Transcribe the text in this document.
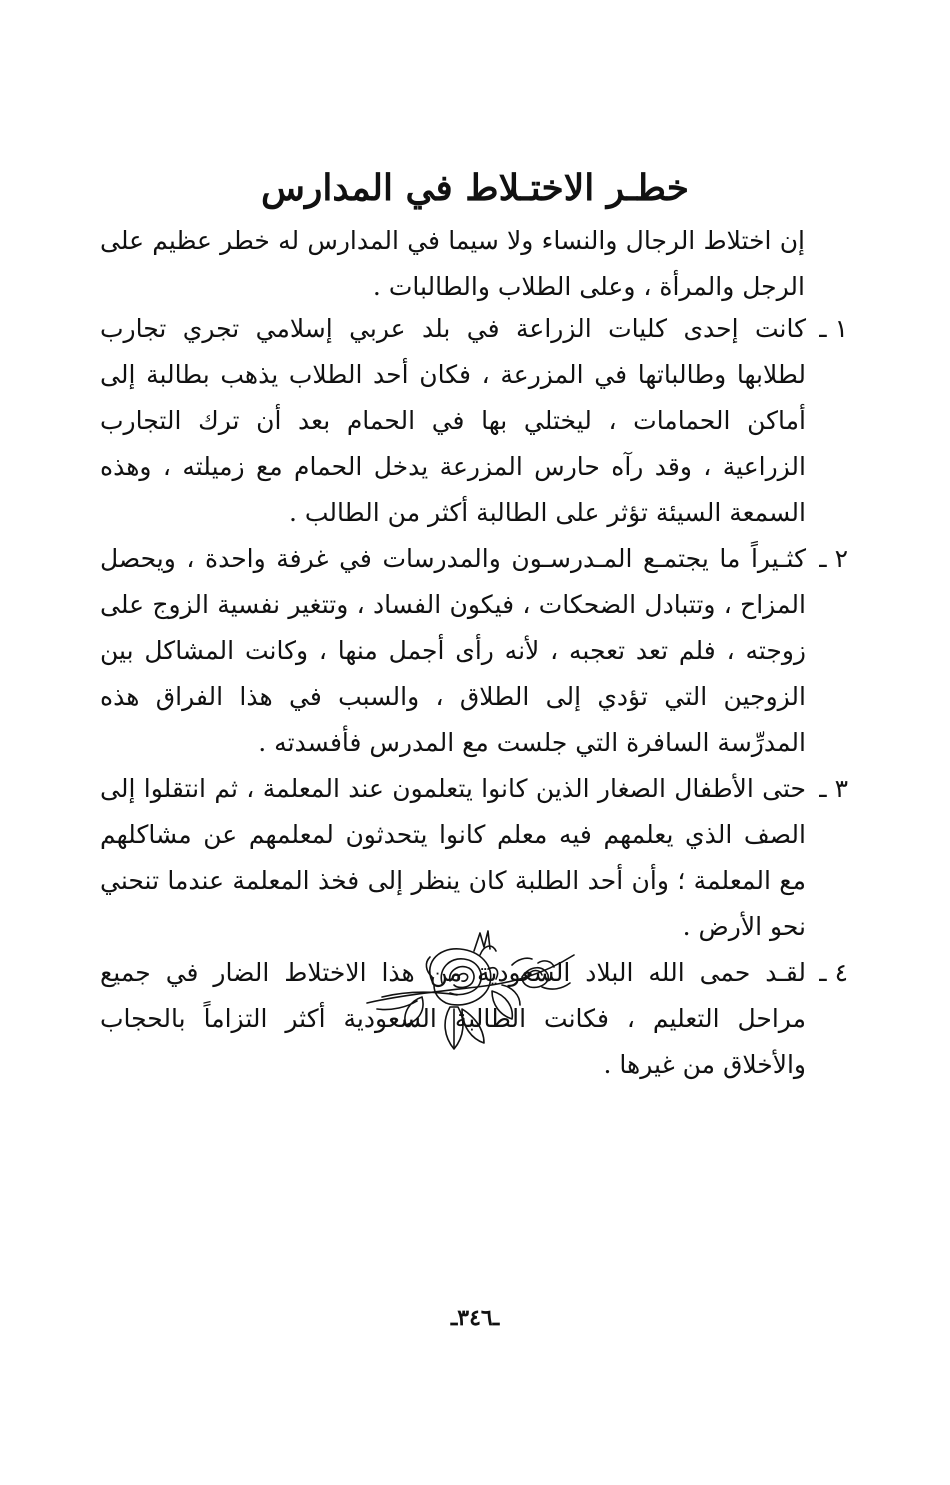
خطـر الاختـلاط في المدارس
إن اختلاط الرجال والنساء ولا سيما في المدارس له خطر عظيم على الرجل والمرأة ، وعلى الطلاب والطالبات .
١ ـ
كانت إحدى كليات الزراعة في بلد عربي إسلامي تجري تجارب لطلابها وطالباتها في المزرعة ، فكان أحد الطلاب يذهب بطالبة إلى أماكن الحمامات ، ليختلي بها في الحمام بعد أن ترك التجارب الزراعية ، وقد رآه حارس المزرعة يدخل الحمام مع زميلته ، وهذه السمعة السيئة تؤثر على الطالبة أكثر من الطالب .
٢ ـ
كثـيراً ما يجتمـع المـدرسـون والمدرسات في غرفة واحدة ، ويحصل المزاح ، وتتبادل الضحكات ، فيكون الفساد ، وتتغير نفسية الزوج على زوجته ، فلم تعد تعجبه ، لأنه رأى أجمل منها ، وكانت المشاكل بين الزوجين التي تؤدي إلى الطلاق ، والسبب في هذا الفراق هذه المدرِّسة السافرة التي جلست مع المدرس فأفسدته .
٣ ـ
حتى الأطفال الصغار الذين كانوا يتعلمون عند المعلمة ، ثم انتقلوا إلى الصف الذي يعلمهم فيه معلم كانوا يتحدثون لمعلمهم عن مشاكلهم مع المعلمة ؛ وأن أحد الطلبة كان ينظر إلى فخذ المعلمة عندما تنحني نحو الأرض .
٤ ـ
لقـد حمى الله البلاد السعودية من هذا الاختلاط الضار في جميع مراحل التعليم ، فكانت الطالبة السعودية أكثر التزاماً بالحجاب والأخلاق من غيرها .
ـ٣٤٦ـ
